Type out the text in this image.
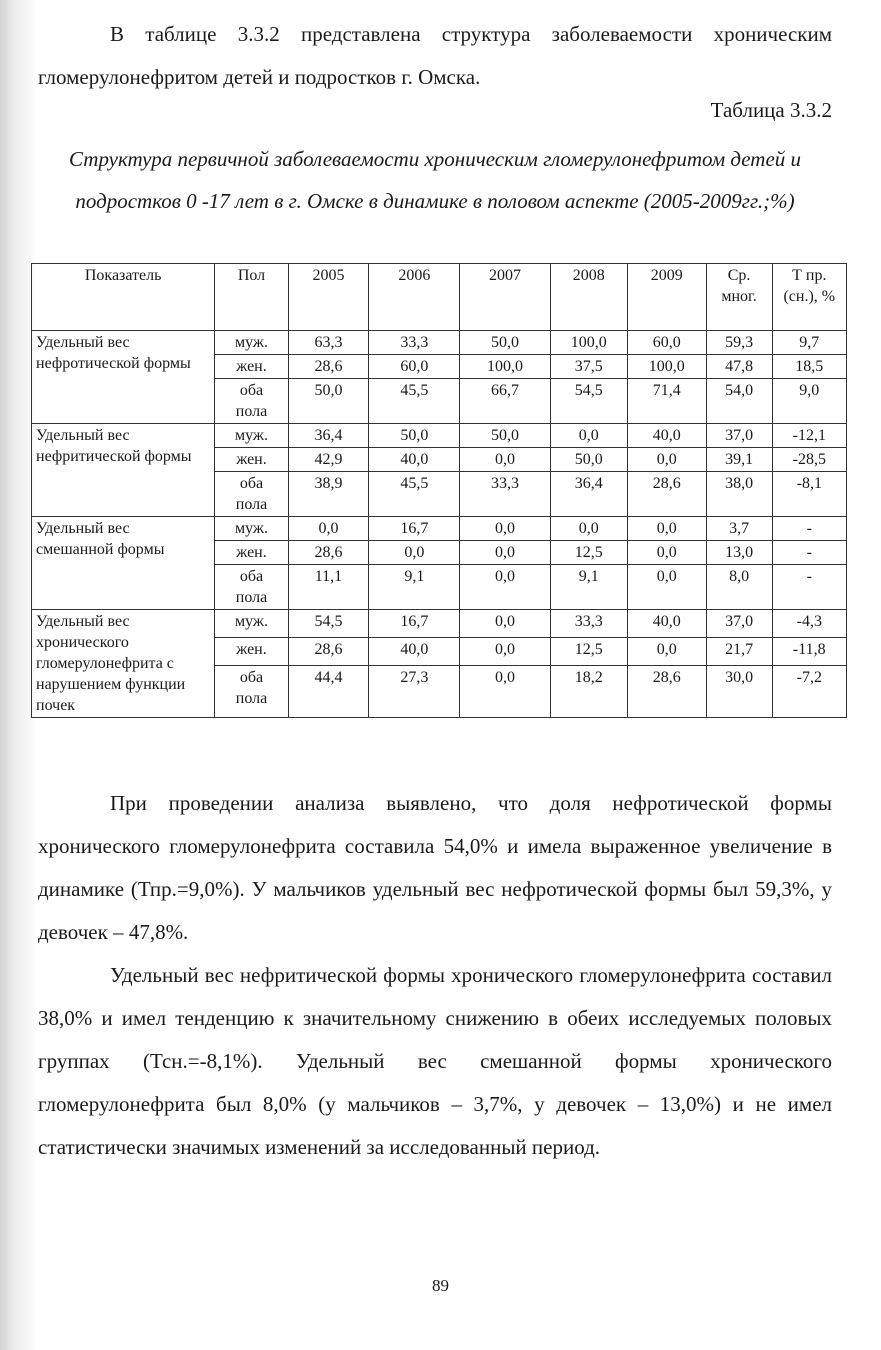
В таблице 3.3.2 представлена структура заболеваемости хроническим гломерулонефритом детей и подростков г. Омска.

Таблица 3.3.2

Структура первичной заболеваемости хроническим гломерулонефритом детей и подростков 0 -17 лет в г. Омске в динамике в половом аспекте (2005-2009гг.;%)

Показатель	Пол	2005	2006	2007	2008	2009	Ср. мног.	Т пр. (сн.), %
Удельный вес нефротической формы	муж.	63,3	33,3	50,0	100,0	60,0	59,3	9,7
	жен.	28,6	60,0	100,0	37,5	100,0	47,8	18,5
	оба пола	50,0	45,5	66,7	54,5	71,4	54,0	9,0
Удельный вес нефритической формы	муж.	36,4	50,0	50,0	0,0	40,0	37,0	-12,1
	жен.	42,9	40,0	0,0	50,0	0,0	39,1	-28,5
	оба пола	38,9	45,5	33,3	36,4	28,6	38,0	-8,1
Удельный вес смешанной формы	муж.	0,0	16,7	0,0	0,0	0,0	3,7	-
	жен.	28,6	0,0	0,0	12,5	0,0	13,0	-
	оба пола	11,1	9,1	0,0	9,1	0,0	8,0	-
Удельный вес хронического гломерулонефрита с нарушением функции почек	муж.	54,5	16,7	0,0	33,3	40,0	37,0	-4,3
	жен.	28,6	40,0	0,0	12,5	0,0	21,7	-11,8
	оба пола	44,4	27,3	0,0	18,2	28,6	30,0	-7,2

При проведении анализа выявлено, что доля нефротической формы хронического гломерулонефрита составила 54,0% и имела выраженное увеличение в динамике (Тпр.=9,0%). У мальчиков удельный вес нефротической формы был 59,3%, у девочек – 47,8%.

Удельный вес нефритической формы хронического гломерулонефрита составил 38,0% и имел тенденцию к значительному снижению в обеих исследуемых половых группах (Тсн.=-8,1%). Удельный вес смешанной формы хронического гломерулонефрита был 8,0% (у мальчиков – 3,7%, у девочек – 13,0%) и не имел статистически значимых изменений за исследованный период.

89
